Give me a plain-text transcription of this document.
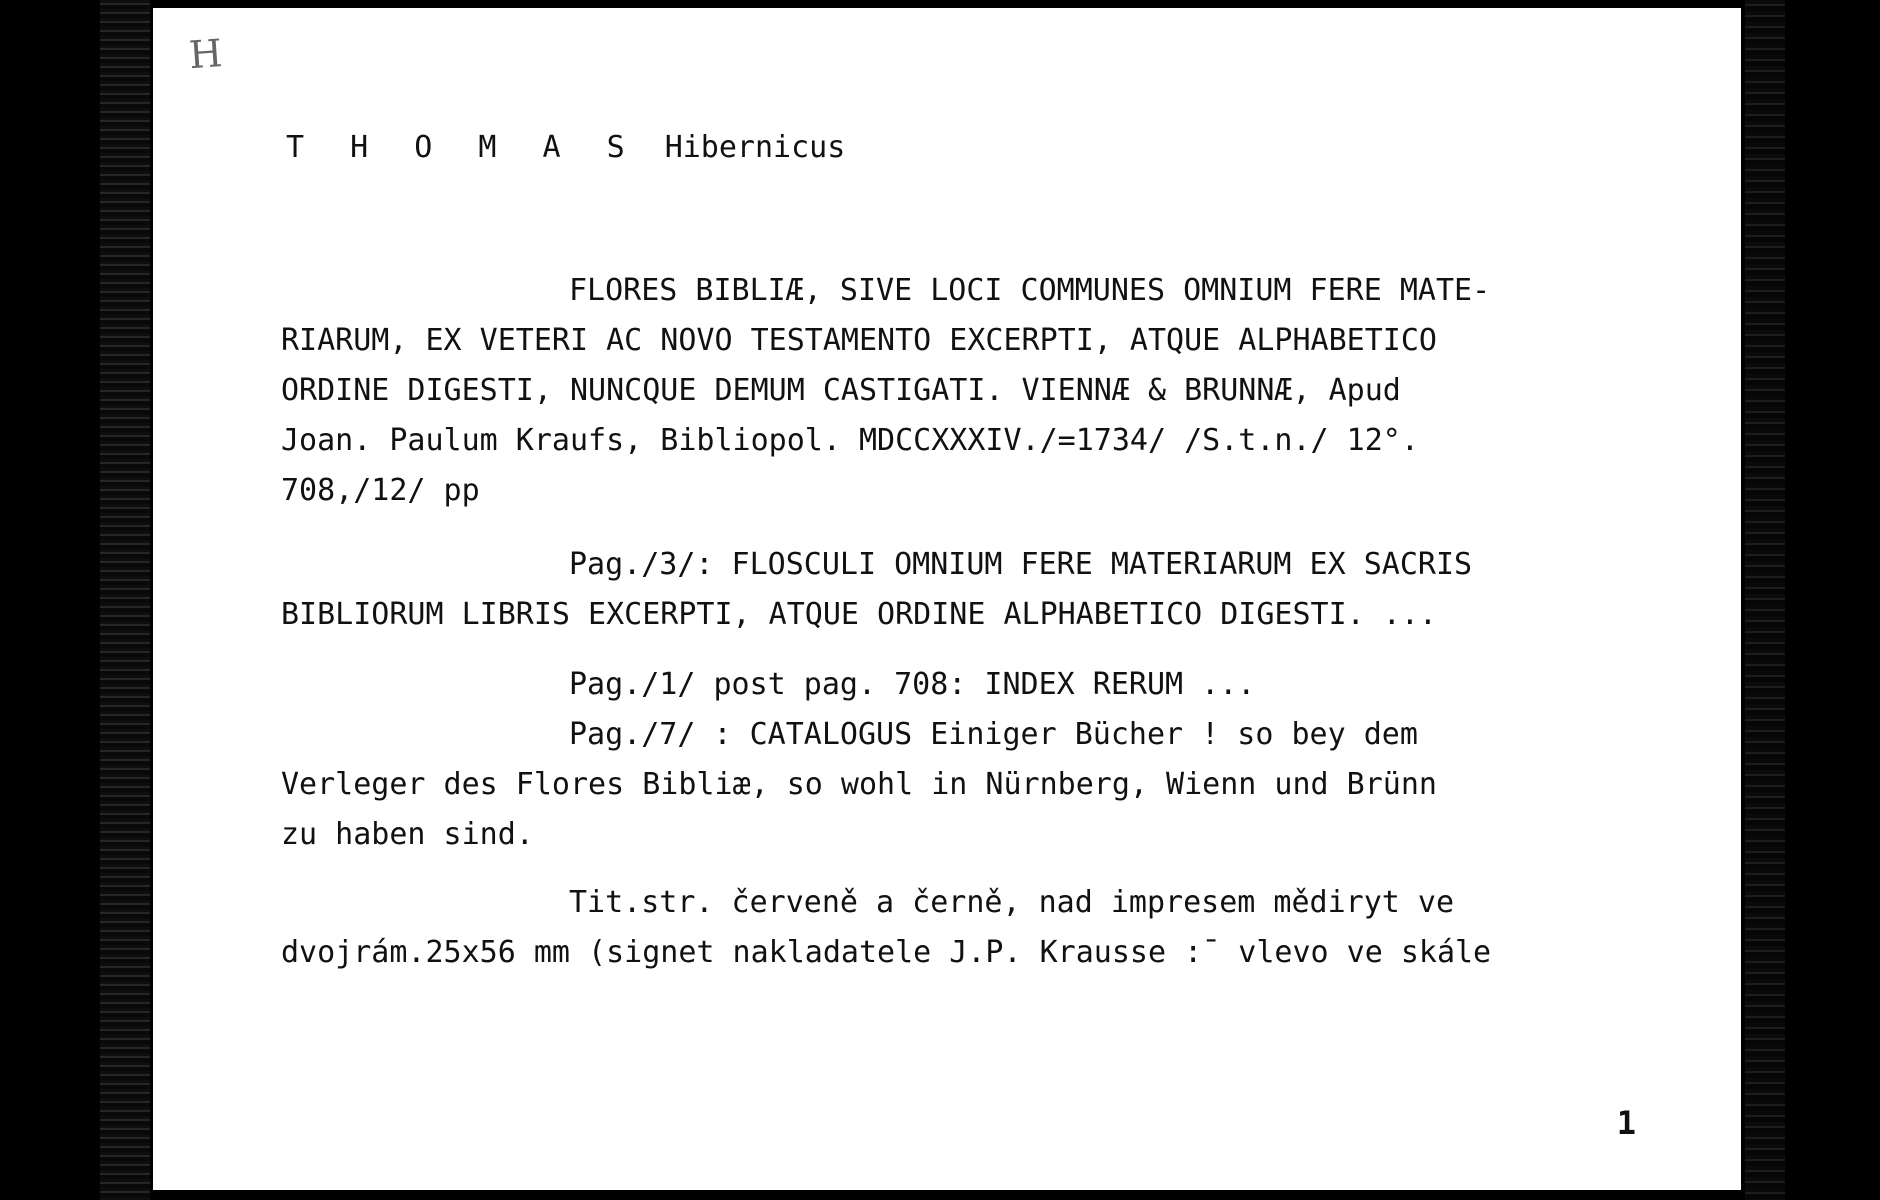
H
T H O M A S Hibernicus
FLORES BIBLIÆ, SIVE LOCI COMMUNES OMNIUM FERE MATE-
RIARUM, EX VETERI AC NOVO TESTAMENTO EXCERPTI, ATQUE ALPHABETICO
ORDINE DIGESTI, NUNCQUE DEMUM CASTIGATI. VIENNÆ & BRUNNÆ, Apud
Joan. Paulum Kraufs, Bibliopol. MDCCXXXIV./=1734/ /S.t.n./ 12°.
708,/12/ pp
Pag./3/: FLOSCULI OMNIUM FERE MATERIARUM EX SACRIS
BIBLIORUM LIBRIS EXCERPTI, ATQUE ORDINE ALPHABETICO DIGESTI. ...
Pag./1/ post pag. 708: INDEX RERUM ...
Pag./7/ : CATALOGUS Einiger Bücher ! so bey dem
Verleger des Flores Bibliæ, so wohl in Nürnberg, Wienn und Brünn
zu haben sind.
Tit.str. červeně a černě, nad impresem mědiryt ve
dvojrám.25x56 mm (signet nakladatele J.P. Krausse :ˉ vlevo ve skále
1
